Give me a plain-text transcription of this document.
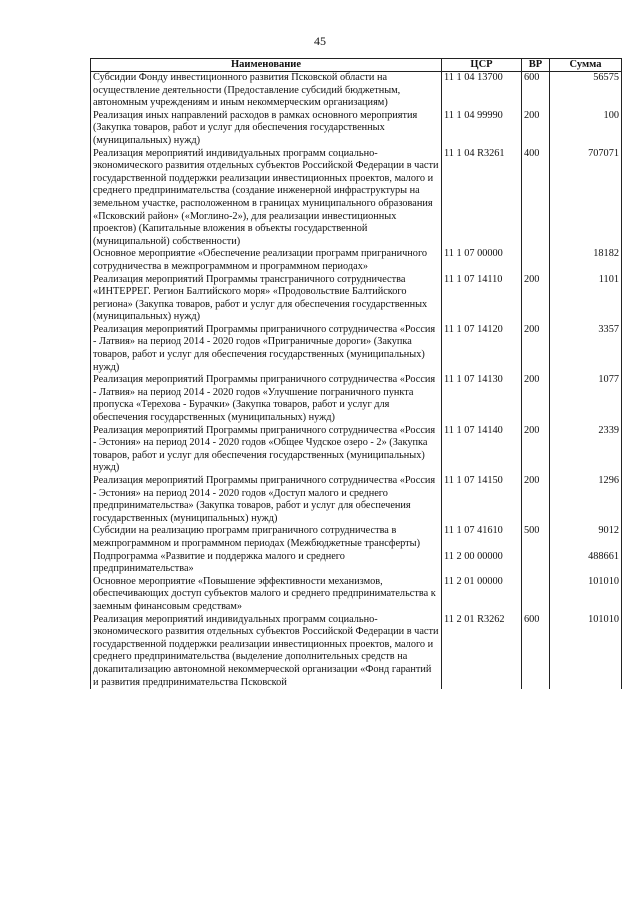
45
Наименование	ЦСР	ВР	Сумма
Субсидии Фонду инвестиционного развития Псковской области на осуществление деятельности (Предоставление субсидий бюджетным, автономным учреждениям и иным некоммерческим организациям)	11 1 04 13700	600	56575
Реализация иных направлений расходов в рамках основного мероприятия (Закупка товаров, работ и услуг для обеспечения государственных (муниципальных) нужд)	11 1 04 99990	200	100
Реализация мероприятий индивидуальных программ социально-экономического развития отдельных субъектов Российской Федерации в части государственной поддержки реализации инвестиционных проектов, малого и среднего предпринимательства (создание инженерной инфраструктуры на земельном участке, расположенном в границах муниципального образования «Псковский район» («Моглино-2»), для реализации инвестиционных проектов) (Капитальные вложения в объекты государственной (муниципальной) собственности)	11 1 04 R3261	400	707071
Основное мероприятие «Обеспечение реализации программ приграничного сотрудничества в межпрограммном и программном периодах»	11 1 07 00000		18182
Реализация мероприятий Программы трансграничного сотрудничества «ИНТЕРРЕГ. Регион Балтийского моря» «Продовольствие Балтийского региона» (Закупка товаров, работ и услуг для обеспечения государственных (муниципальных) нужд)	11 1 07 14110	200	1101
Реализация мероприятий Программы приграничного сотрудничества «Россия - Латвия» на период 2014 - 2020 годов «Приграничные дороги» (Закупка товаров, работ и услуг для обеспечения государственных (муниципальных) нужд)	11 1 07 14120	200	3357
Реализация мероприятий Программы приграничного сотрудничества «Россия - Латвия» на период 2014 - 2020 годов «Улучшение пограничного пункта пропуска «Терехова - Бурачки» (Закупка товаров, работ и услуг для обеспечения государственных (муниципальных) нужд)	11 1 07 14130	200	1077
Реализация мероприятий Программы приграничного сотрудничества «Россия - Эстония» на период 2014 - 2020 годов «Общее Чудское озеро - 2» (Закупка товаров, работ и услуг для обеспечения государственных (муниципальных) нужд)	11 1 07 14140	200	2339
Реализация мероприятий Программы приграничного сотрудничества «Россия - Эстония» на период 2014 - 2020 годов «Доступ малого и среднего предпринимательства» (Закупка товаров, работ и услуг для обеспечения государственных (муниципальных) нужд)	11 1 07 14150	200	1296
Субсидии на реализацию программ приграничного сотрудничества в межпрограммном и программном периодах (Межбюджетные трансферты)	11 1 07 41610	500	9012
Подпрограмма «Развитие и поддержка малого и среднего предпринимательства»	11 2 00 00000		488661
Основное мероприятие «Повышение эффективности механизмов, обеспечивающих доступ субъектов малого и среднего предпринимательства к заемным финансовым средствам»	11 2 01 00000		101010
Реализация мероприятий индивидуальных программ социально-экономического развития отдельных субъектов Российской Федерации в части государственной поддержки реализации инвестиционных проектов, малого и среднего предпринимательства (выделение дополнительных средств на докапитализацию автономной некоммерческой организации «Фонд гарантий и развития предпринимательства Псковской	11 2 01 R3262	600	101010
